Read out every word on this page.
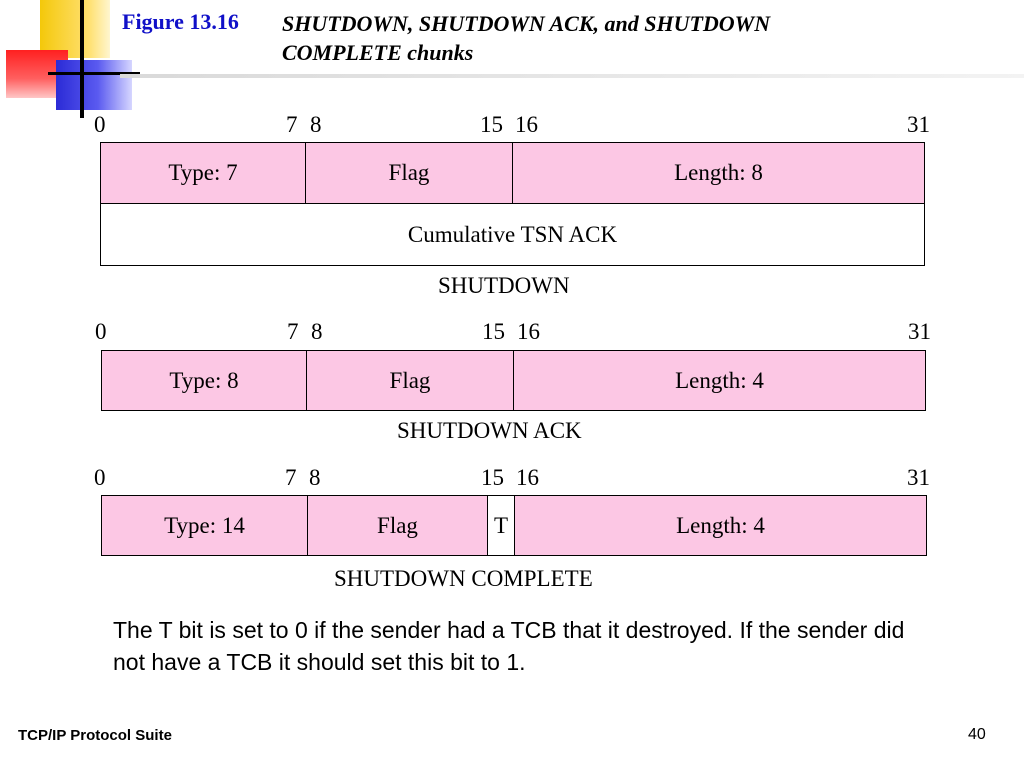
Figure 13.16 SHUTDOWN, SHUTDOWN ACK, and SHUTDOWN
COMPLETE chunks
0	7 8	15 16	31
Type: 7	Flag	Length: 8
Cumulative TSN ACK
SHUTDOWN
0	7 8	15 16	31
Type: 8	Flag	Length: 4
SHUTDOWN ACK
0	7 8	15 16	31
Type: 14	Flag	T	Length: 4
SHUTDOWN COMPLETE
The T bit is set to 0 if the sender had a TCB that it destroyed. If the sender did not have a TCB it should set this bit to 1.
TCP/IP Protocol Suite	40
